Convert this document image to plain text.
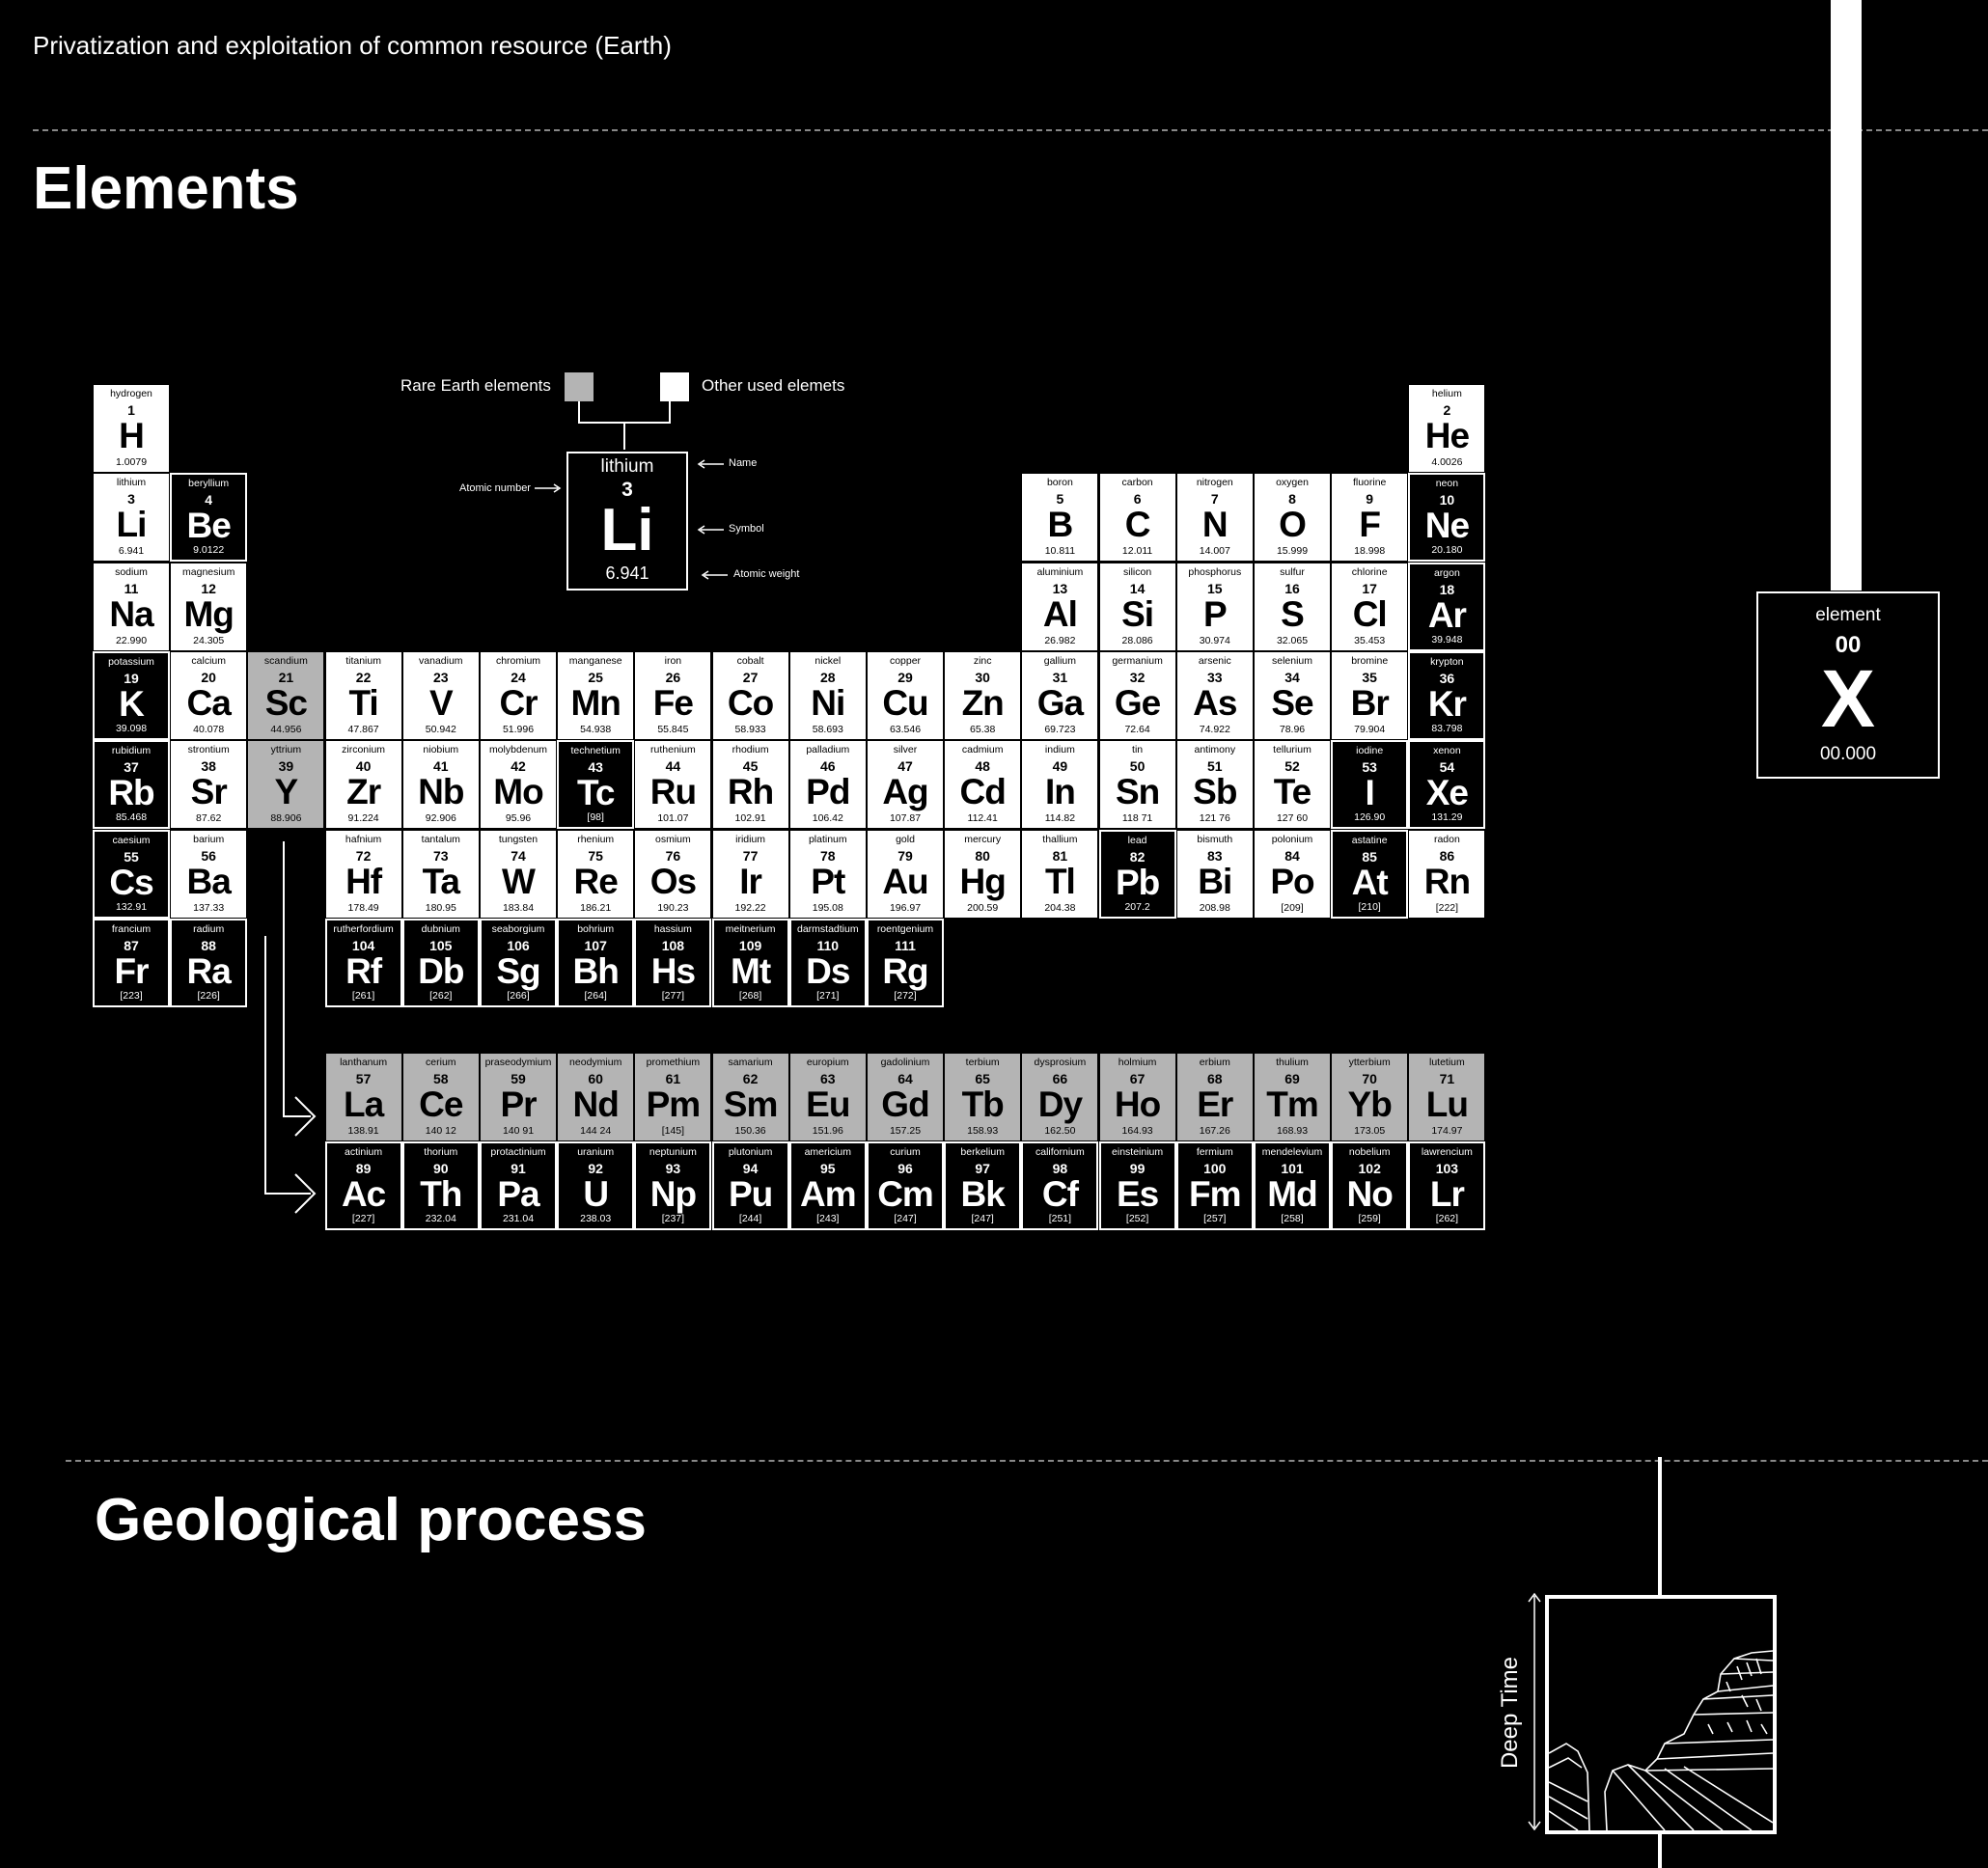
Privatization and exploitation of common resource (Earth)
Elements
element
00
X
00.000
Rare Earth elements	Other used elemets
lithium
3
Li
6.941
Atomic number
Name
Symbol
Atomic weight
hydrogen
1
H
1.0079
helium
2
He
4.0026
lithium
3
Li
6.941
beryllium
4
Be
9.0122
boron
5
B
10.811
carbon
6
C
12.011
nitrogen
7
N
14.007
oxygen
8
O
15.999
fluorine
9
F
18.998
neon
10
Ne
20.180
sodium
11
Na
22.990
magnesium
12
Mg
24.305
aluminium
13
Al
26.982
silicon
14
Si
28.086
phosphorus
15
P
30.974
sulfur
16
S
32.065
chlorine
17
Cl
35.453
argon
18
Ar
39.948
potassium
19
K
39.098
calcium
20
Ca
40.078
scandium
21
Sc
44.956
titanium
22
Ti
47.867
vanadium
23
V
50.942
chromium
24
Cr
51.996
manganese
25
Mn
54.938
iron
26
Fe
55.845
cobalt
27
Co
58.933
nickel
28
Ni
58.693
copper
29
Cu
63.546
zinc
30
Zn
65.38
gallium
31
Ga
69.723
germanium
32
Ge
72.64
arsenic
33
As
74.922
selenium
34
Se
78.96
bromine
35
Br
79.904
krypton
36
Kr
83.798
rubidium
37
Rb
85.468
strontium
38
Sr
87.62
yttrium
39
Y
88.906
zirconium
40
Zr
91.224
niobium
41
Nb
92.906
molybdenum
42
Mo
95.96
technetium
43
Tc
[98]
ruthenium
44
Ru
101.07
rhodium
45
Rh
102.91
palladium
46
Pd
106.42
silver
47
Ag
107.87
cadmium
48
Cd
112.41
indium
49
In
114.82
tin
50
Sn
118 71
antimony
51
Sb
121 76
tellurium
52
Te
127 60
iodine
53
I
126.90
xenon
54
Xe
131.29
caesium
55
Cs
132.91
barium
56
Ba
137.33
hafnium
72
Hf
178.49
tantalum
73
Ta
180.95
tungsten
74
W
183.84
rhenium
75
Re
186.21
osmium
76
Os
190.23
iridium
77
Ir
192.22
platinum
78
Pt
195.08
gold
79
Au
196.97
mercury
80
Hg
200.59
thallium
81
Tl
204.38
lead
82
Pb
207.2
bismuth
83
Bi
208.98
polonium
84
Po
[209]
astatine
85
At
[210]
radon
86
Rn
[222]
francium
87
Fr
[223]
radium
88
Ra
[226]
rutherfordium
104
Rf
[261]
dubnium
105
Db
[262]
seaborgium
106
Sg
[266]
bohrium
107
Bh
[264]
hassium
108
Hs
[277]
meitnerium
109
Mt
[268]
darmstadtium
110
Ds
[271]
roentgenium
111
Rg
[272]
lanthanum
57
La
138.91
cerium
58
Ce
140 12
praseodymium
59
Pr
140 91
neodymium
60
Nd
144 24
promethium
61
Pm
[145]
samarium
62
Sm
150.36
europium
63
Eu
151.96
gadolinium
64
Gd
157.25
terbium
65
Tb
158.93
dysprosium
66
Dy
162.50
holmium
67
Ho
164.93
erbium
68
Er
167.26
thulium
69
Tm
168.93
ytterbium
70
Yb
173.05
lutetium
71
Lu
174.97
actinium
89
Ac
[227]
thorium
90
Th
232.04
protactinium
91
Pa
231.04
uranium
92
U
238.03
neptunium
93
Np
[237]
plutonium
94
Pu
[244]
americium
95
Am
[243]
curium
96
Cm
[247]
berkelium
97
Bk
[247]
californium
98
Cf
[251]
einsteinium
99
Es
[252]
fermium
100
Fm
[257]
mendelevium
101
Md
[258]
nobelium
102
No
[259]
lawrencium
103
Lr
[262]
Geological process
Deep Time
